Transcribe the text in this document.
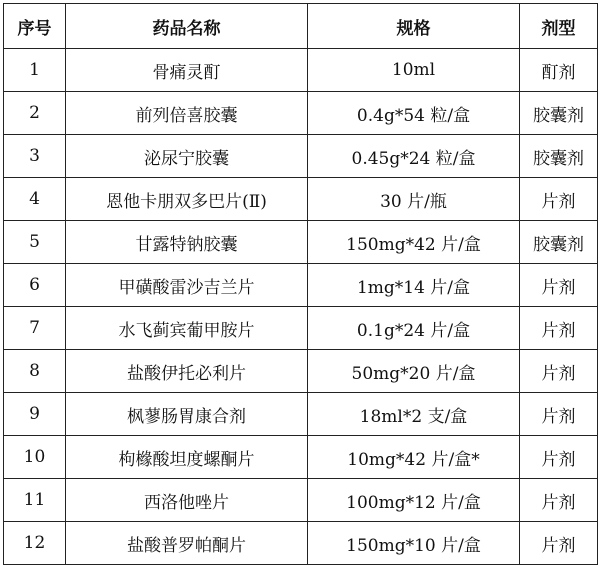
序号	药品名称	规格	剂型
1	骨痛灵酊	10ml	酊剂
2	前列倍喜胶囊	0.4g*54 粒/盒	胶囊剂
3	泌尿宁胶囊	0.45g*24 粒/盒	胶囊剂
4	恩他卡朋双多巴片(Ⅱ)	30 片/瓶	片剂
5	甘露特钠胶囊	150mg*42 片/盒	胶囊剂
6	甲磺酸雷沙吉兰片	1mg*14 片/盒	片剂
7	水飞蓟宾葡甲胺片	0.1g*24 片/盒	片剂
8	盐酸伊托必利片	50mg*20 片/盒	片剂
9	枫蓼肠胃康合剂	18ml*2 支/盒	片剂
10	枸橼酸坦度螺酮片	10mg*42 片/盒*	片剂
11	西洛他唑片	100mg*12 片/盒	片剂
12	盐酸普罗帕酮片	150mg*10 片/盒	片剂
